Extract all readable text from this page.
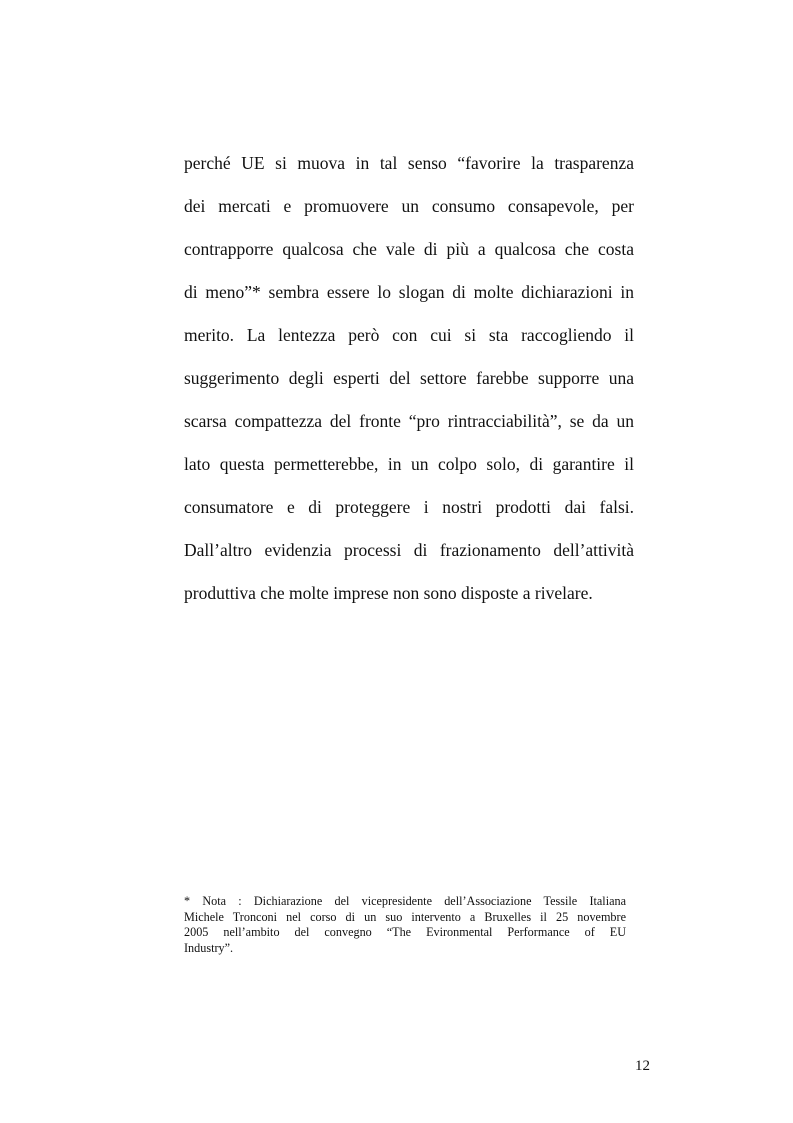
perché UE si muova in tal senso “favorire la trasparenza
dei mercati e promuovere un consumo consapevole, per
contrapporre qualcosa che vale di più a qualcosa che costa
di meno”* sembra essere lo slogan di molte dichiarazioni in
merito. La lentezza però con cui si sta raccogliendo il
suggerimento degli esperti del settore farebbe supporre una
scarsa compattezza del fronte “pro rintracciabilità”, se da un
lato questa permetterebbe, in un colpo solo, di garantire il
consumatore e di proteggere i nostri prodotti dai falsi.
Dall’altro evidenzia processi di frazionamento dell’attività
produttiva che molte imprese non sono disposte a rivelare.
* Nota : Dichiarazione del vicepresidente dell’Associazione Tessile Italiana
Michele Tronconi nel corso di un suo intervento a Bruxelles il 25 novembre
2005 nell’ambito del convegno “The Evironmental Performance of EU
Industry”.
12
